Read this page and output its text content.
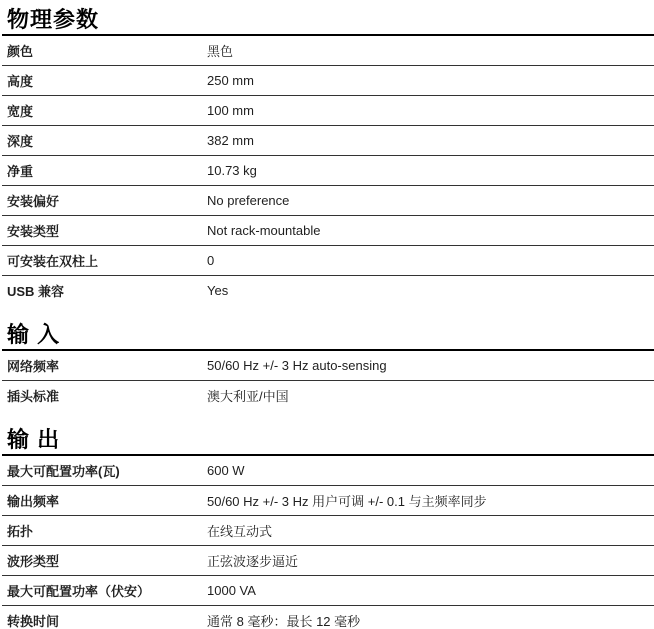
物理参数
颜色	黑色
高度	250 mm
宽度	100 mm
深度	382 mm
净重	10.73 kg
安装偏好	No preference
安装类型	Not rack-mountable
可安装在双柱上	0
USB 兼容	Yes
输 入
网络频率	50/60 Hz +/- 3 Hz auto-sensing
插头标准	澳大利亚/中国
输 出
最大可配置功率(瓦)	600 W
输出频率	50/60 Hz +/- 3 Hz 用户可调 +/- 0.1 与主频率同步
拓扑	在线互动式
波形类型	正弦波逐步逼近
最大可配置功率（伏安）	1000 VA
转换时间	通常 8 毫秒：最长 12 毫秒
